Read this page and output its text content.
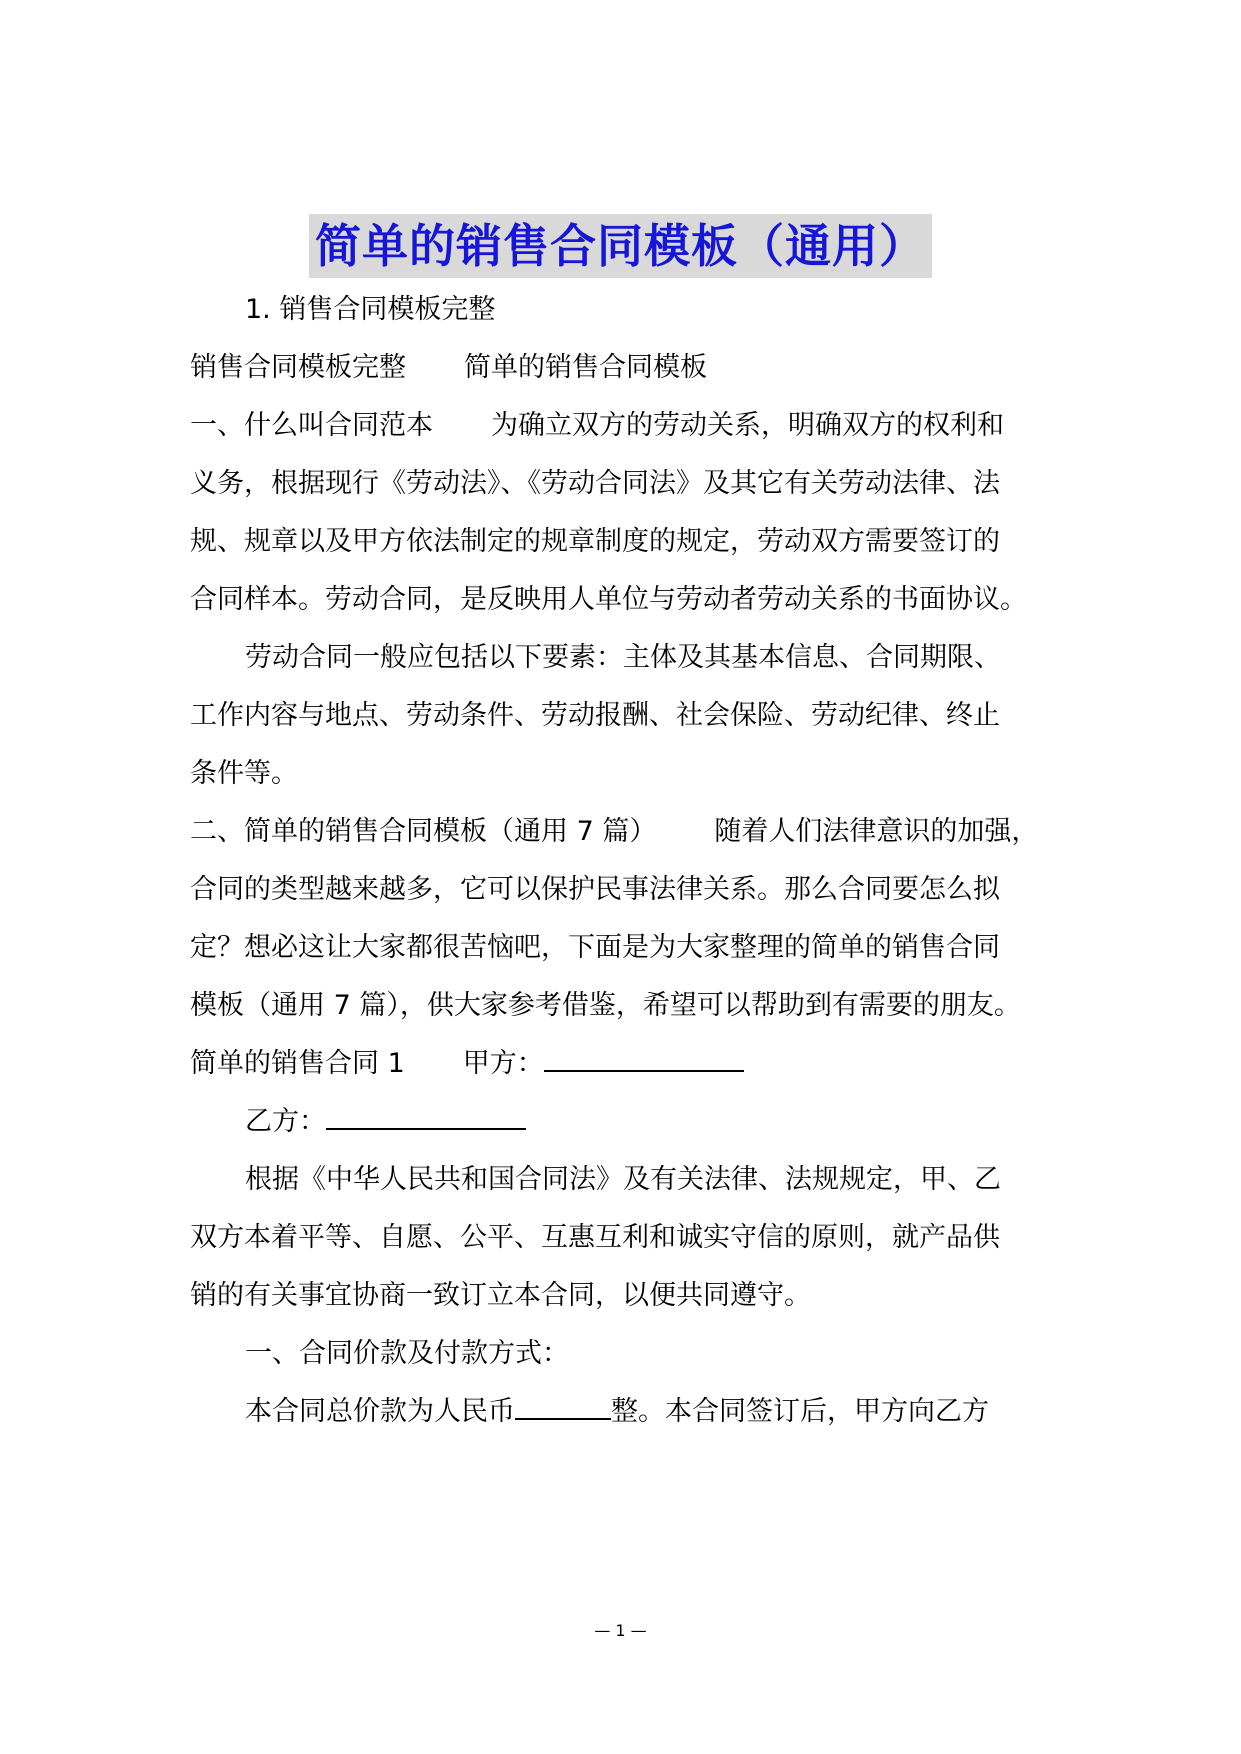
简单的销售合同模板（通用）
1. 销售合同模板完整
销售合同模板完整 简单的销售合同模板
一、什么叫合同范本 为确立双方的劳动关系，明确双方的权利和
义务，根据现行《劳动法》、《劳动合同法》及其它有关劳动法律、法
规、规章以及甲方依法制定的规章制度的规定，劳动双方需要签订的
合同样本。劳动合同，是反映用人单位与劳动者劳动关系的书面协议。
劳动合同一般应包括以下要素：主体及其基本信息、合同期限、
工作内容与地点、劳动条件、劳动报酬、社会保险、劳动纪律、终止
条件等。
二、简单的销售合同模板（通用 7 篇） 随着人们法律意识的加强，
合同的类型越来越多，它可以保护民事法律关系。那么合同要怎么拟
定？想必这让大家都很苦恼吧，下面是为大家整理的简单的销售合同
模板（通用 7 篇），供大家参考借鉴，希望可以帮助到有需要的朋友。
简单的销售合同 1 甲方：
乙方：
根据《中华人民共和国合同法》及有关法律、法规规定，甲、乙
双方本着平等、自愿、公平、互惠互利和诚实守信的原则，就产品供
销的有关事宜协商一致订立本合同，以便共同遵守。
一、合同价款及付款方式：
本合同总价款为人民币	整。本合同签订后，甲方向乙方
— 1 —
